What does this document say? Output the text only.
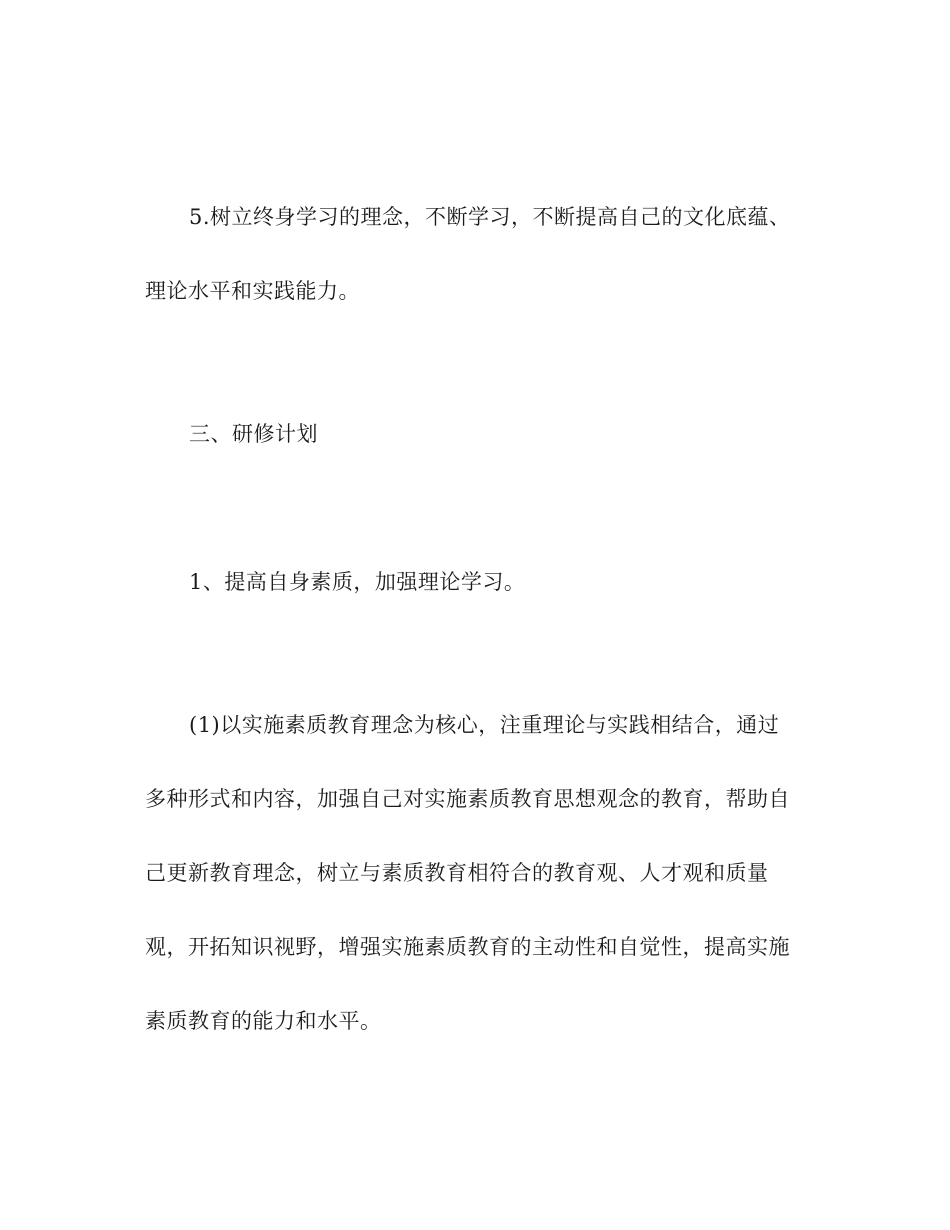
5.树立终身学习的理念，不断学习，不断提高自己的文化底蕴、
理论水平和实践能力。

三、研修计划

1、提高自身素质，加强理论学习。

(1)以实施素质教育理念为核心，注重理论与实践相结合，通过
多种形式和内容，加强自己对实施素质教育思想观念的教育，帮助自
己更新教育理念，树立与素质教育相符合的教育观、人才观和质量
观，开拓知识视野，增强实施素质教育的主动性和自觉性，提高实施
素质教育的能力和水平。
